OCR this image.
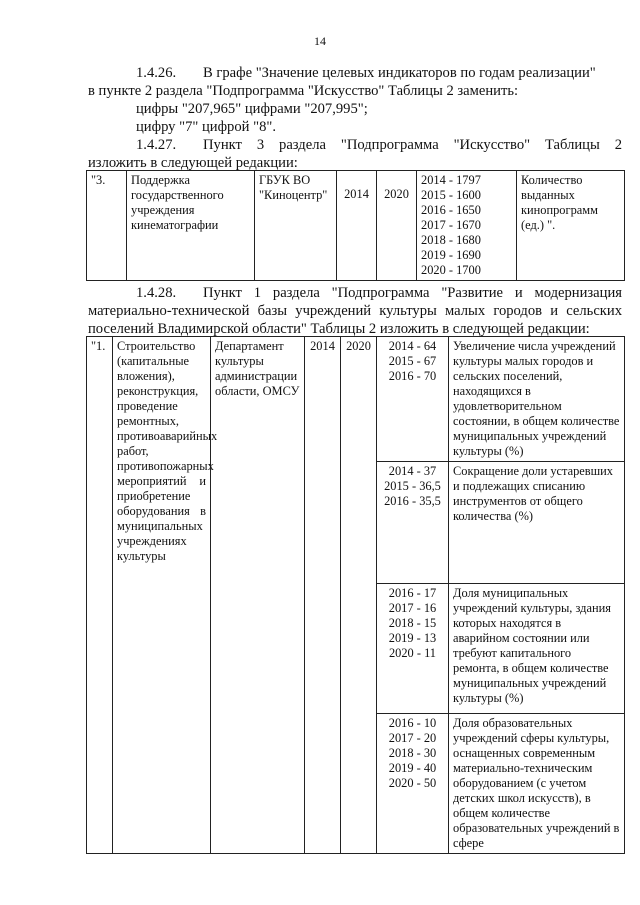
14
1.4.26. В графе "Значение целевых индикаторов по годам реализации"
в пункте 2 раздела "Подпрограмма "Искусство" Таблицы 2 заменить:
цифры "207,965" цифрами "207,995";
цифру "7" цифрой "8".
1.4.27. Пункт 3 раздела "Подпрограмма "Искусство" Таблицы 2
изложить в следующей редакции:
"3.	Поддержка государственного учреждения кинематографии	ГБУК ВО "Киноцентр"	2014	2020	
2014 - 1797
2015 - 1600
2016 - 1650
2017 - 1670
2018 - 1680
2019 - 1690
2020 - 1700
	Количество выданных кинопрограмм (ед.) ".
1.4.28. Пункт 1 раздела "Подпрограмма "Развитие и модернизация
материально-технической базы учреждений культуры малых городов и сельских
поселений Владимирской области" Таблицы 2 изложить в следующей редакции:
"1.	Строительство (капитальные вложения), реконструкция, проведение ремонтных, противоаварийных работ, противопожарных мероприятий и приобретение оборудования в муниципальных учреждениях культуры	Департамент культуры администрации области, ОМСУ	2014	2020	2014 - 64
2015 - 67
2016 - 70	Увеличение числа учреждений культуры малых городов и сельских поселений, находящихся в удовлетворительном состоянии, в общем количестве муниципальных учреждений культуры (%)

					2014 - 37
2015 - 36,5
2016 - 35,5	Сокращение доли устаревших и подлежащих списанию инструментов от общего количества (%)

					2016 - 17
2017 - 16
2018 - 15
2019 - 13
2020 - 11	Доля муниципальных учреждений культуры, здания которых находятся в аварийном состоянии или требуют капитального ремонта, в общем количестве муниципальных учреждений культуры (%)

					2016 - 10
2017 - 20
2018 - 30
2019 - 40
2020 - 50	Доля образовательных учреждений сферы культуры, оснащенных современным материально-техническим оборудованием (с учетом детских школ искусств), в общем количестве образовательных учреждений в сфере
